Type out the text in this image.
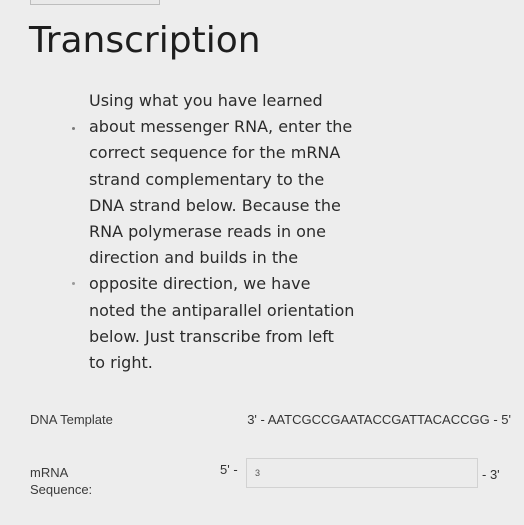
Transcription

Using what you have learned
about messenger RNA, enter the
correct sequence for the mRNA
strand complementary to the
DNA strand below. Because the
RNA polymerase reads in one
direction and builds in the
opposite direction, we have
noted the antiparallel orientation
below. Just transcribe from left
to right.

DNA Template	3' - AATCGCCGAATACCGATTACACCGG - 5'
mRNA
Sequence:
5' -
3	- 3'
